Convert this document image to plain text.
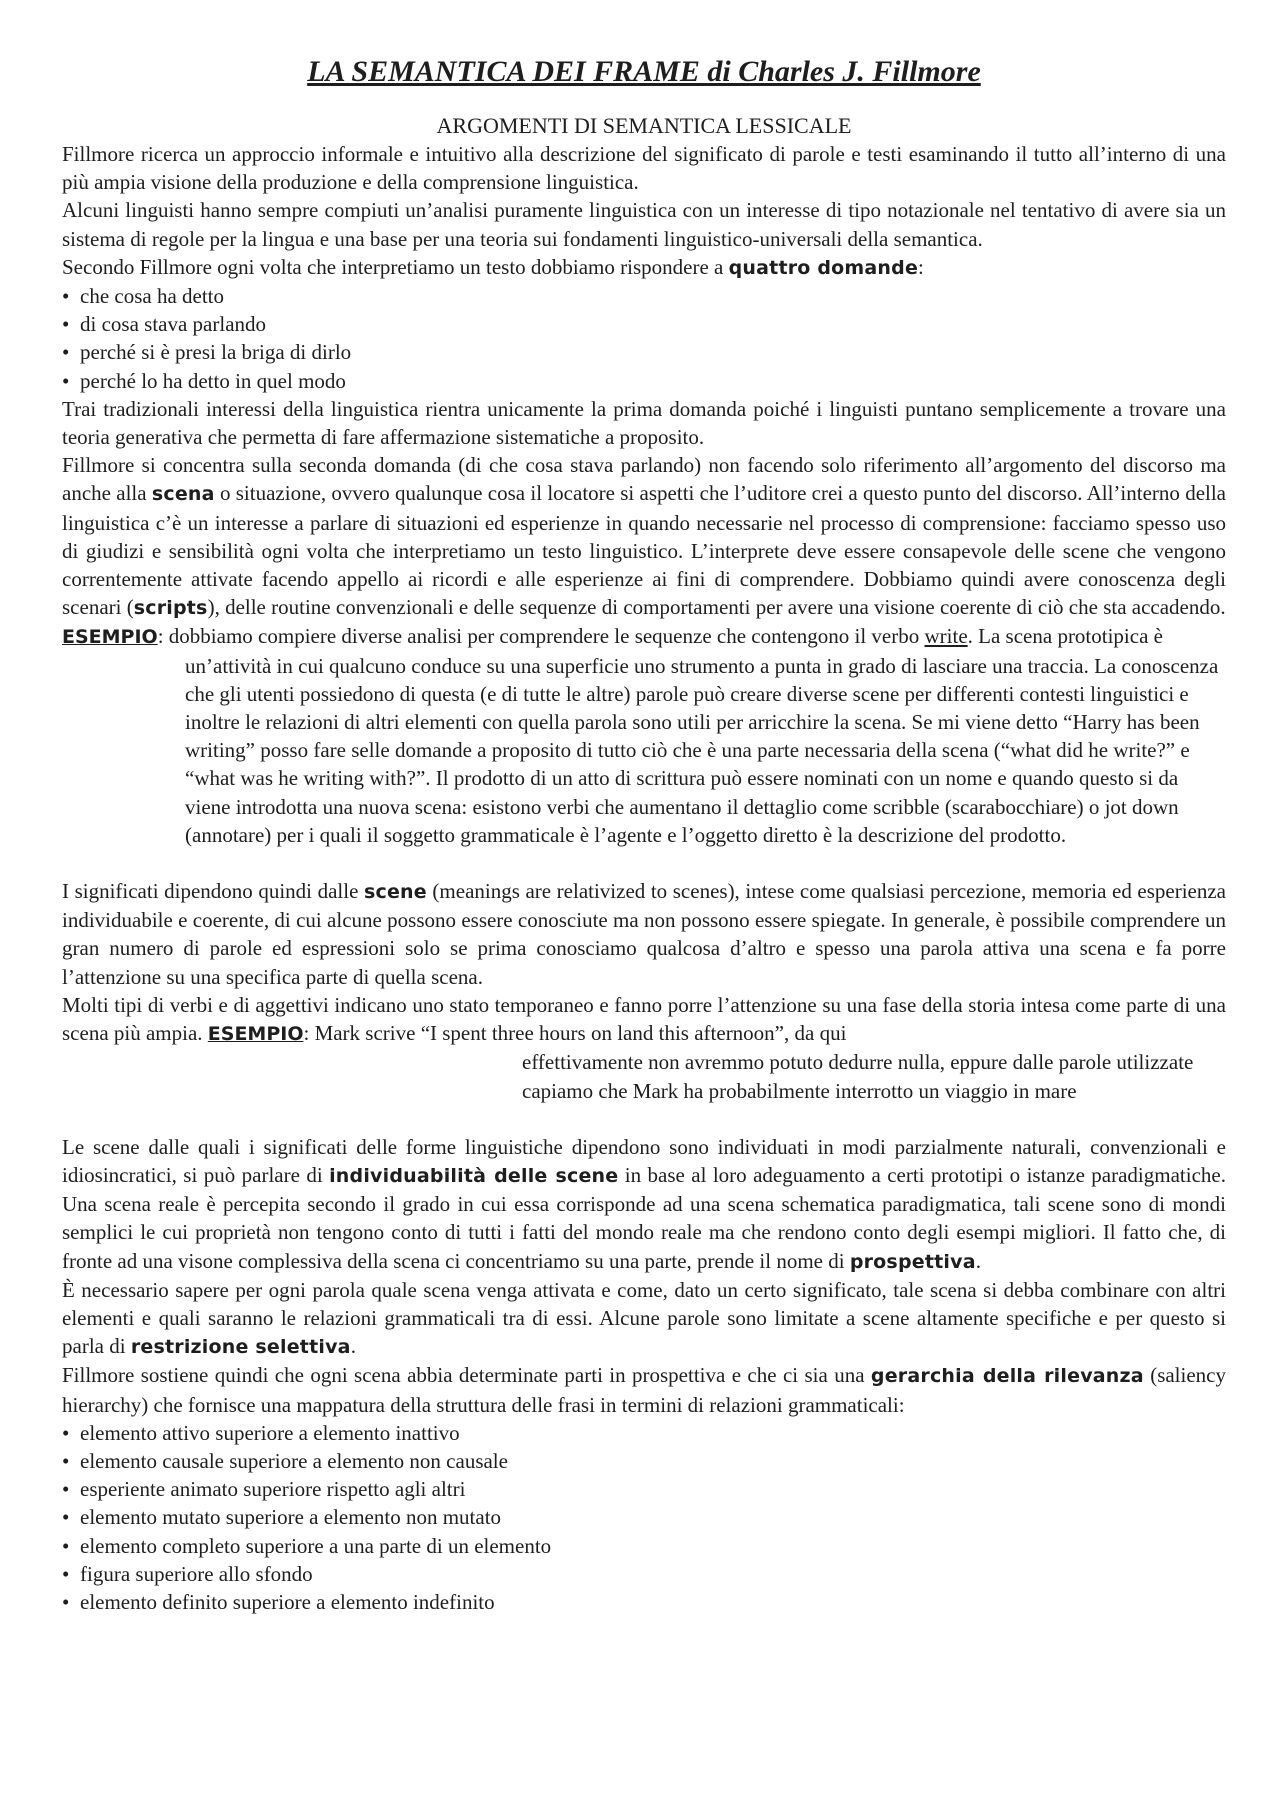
LA SEMANTICA DEI FRAME di Charles J. Fillmore
ARGOMENTI DI SEMANTICA LESSICALE

Fillmore ricerca un approccio informale e intuitivo alla descrizione del significato di parole e testi esaminando il tutto all’interno di una più ampia visione della produzione e della comprensione linguistica.

Alcuni linguisti hanno sempre compiuti un’analisi puramente linguistica con un interesse di tipo notazionale nel tentativo di avere sia un sistema di regole per la lingua e una base per una teoria sui fondamenti linguistico-universali della semantica.

Secondo Fillmore ogni volta che interpretiamo un testo dobbiamo rispondere a quattro domande:

• che cosa ha detto
• di cosa stava parlando
• perché si è presi la briga di dirlo
• perché lo ha detto in quel modo

Trai tradizionali interessi della linguistica rientra unicamente la prima domanda poiché i linguisti puntano semplicemente a trovare una teoria generativa che permetta di fare affermazione sistematiche a proposito.

Fillmore si concentra sulla seconda domanda (di che cosa stava parlando) non facendo solo riferimento all’argomento del discorso ma anche alla scena o situazione, ovvero qualunque cosa il locatore si aspetti che l’uditore crei a questo punto del discorso. All’interno della linguistica c’è un interesse a parlare di situazioni ed esperienze in quando necessarie nel processo di comprensione: facciamo spesso uso di giudizi e sensibilità ogni volta che interpretiamo un testo linguistico. L’interprete deve essere consapevole delle scene che vengono correntemente attivate facendo appello ai ricordi e alle esperienze ai fini di comprendere. Dobbiamo quindi avere conoscenza degli scenari (scripts), delle routine convenzionali e delle sequenze di comportamenti per avere una visione coerente di ciò che sta accadendo.

ESEMPIO: dobbiamo compiere diverse analisi per comprendere le sequenze che contengono il verbo write. La scena prototipica è un’attività in cui qualcuno conduce su una superficie uno strumento a punta in grado di lasciare una traccia. La conoscenza che gli utenti possiedono di questa (e di tutte le altre) parole può creare diverse scene per differenti contesti linguistici e inoltre le relazioni di altri elementi con quella parola sono utili per arricchire la scena. Se mi viene detto “Harry has been writing” posso fare selle domande a proposito di tutto ciò che è una parte necessaria della scena (“what did he write?” e “what was he writing with?”. Il prodotto di un atto di scrittura può essere nominati con un nome e quando questo si da viene introdotta una nuova scena: esistono verbi che aumentano il dettaglio come scribble (scarabocchiare) o jot down (annotare) per i quali il soggetto grammaticale è l’agente e l’oggetto diretto è la descrizione del prodotto.

I significati dipendono quindi dalle scene (meanings are relativized to scenes), intese come qualsiasi percezione, memoria ed esperienza individuabile e coerente, di cui alcune possono essere conosciute ma non possono essere spiegate. In generale, è possibile comprendere un gran numero di parole ed espressioni solo se prima conosciamo qualcosa d’altro e spesso una parola attiva una scena e fa porre l’attenzione su una specifica parte di quella scena.

Molti tipi di verbi e di aggettivi indicano uno stato temporaneo e fanno porre l’attenzione su una fase della storia intesa come parte di una scena più ampia. ESEMPIO: Mark scrive “I spent three hours on land this afternoon”, da qui

effettivamente non avremmo potuto dedurre nulla, eppure dalle parole utilizzate capiamo che Mark ha probabilmente interrotto un viaggio in mare

Le scene dalle quali i significati delle forme linguistiche dipendono sono individuati in modi parzialmente naturali, convenzionali e idiosincratici, si può parlare di individuabilità delle scene in base al loro adeguamento a certi prototipi o istanze paradigmatiche. Una scena reale è percepita secondo il grado in cui essa corrisponde ad una scena schematica paradigmatica, tali scene sono di mondi semplici le cui proprietà non tengono conto di tutti i fatti del mondo reale ma che rendono conto degli esempi migliori. Il fatto che, di fronte ad una visone complessiva della scena ci concentriamo su una parte, prende il nome di prospettiva.

È necessario sapere per ogni parola quale scena venga attivata e come, dato un certo significato, tale scena si debba combinare con altri elementi e quali saranno le relazioni grammaticali tra di essi. Alcune parole sono limitate a scene altamente specifiche e per questo si parla di restrizione selettiva.

Fillmore sostiene quindi che ogni scena abbia determinate parti in prospettiva e che ci sia una gerarchia della rilevanza (saliency hierarchy) che fornisce una mappatura della struttura delle frasi in termini di relazioni grammaticali:

• elemento attivo superiore a elemento inattivo
• elemento causale superiore a elemento non causale
• esperiente animato superiore rispetto agli altri
• elemento mutato superiore a elemento non mutato
• elemento completo superiore a una parte di un elemento
• figura superiore allo sfondo
• elemento definito superiore a elemento indefinito
